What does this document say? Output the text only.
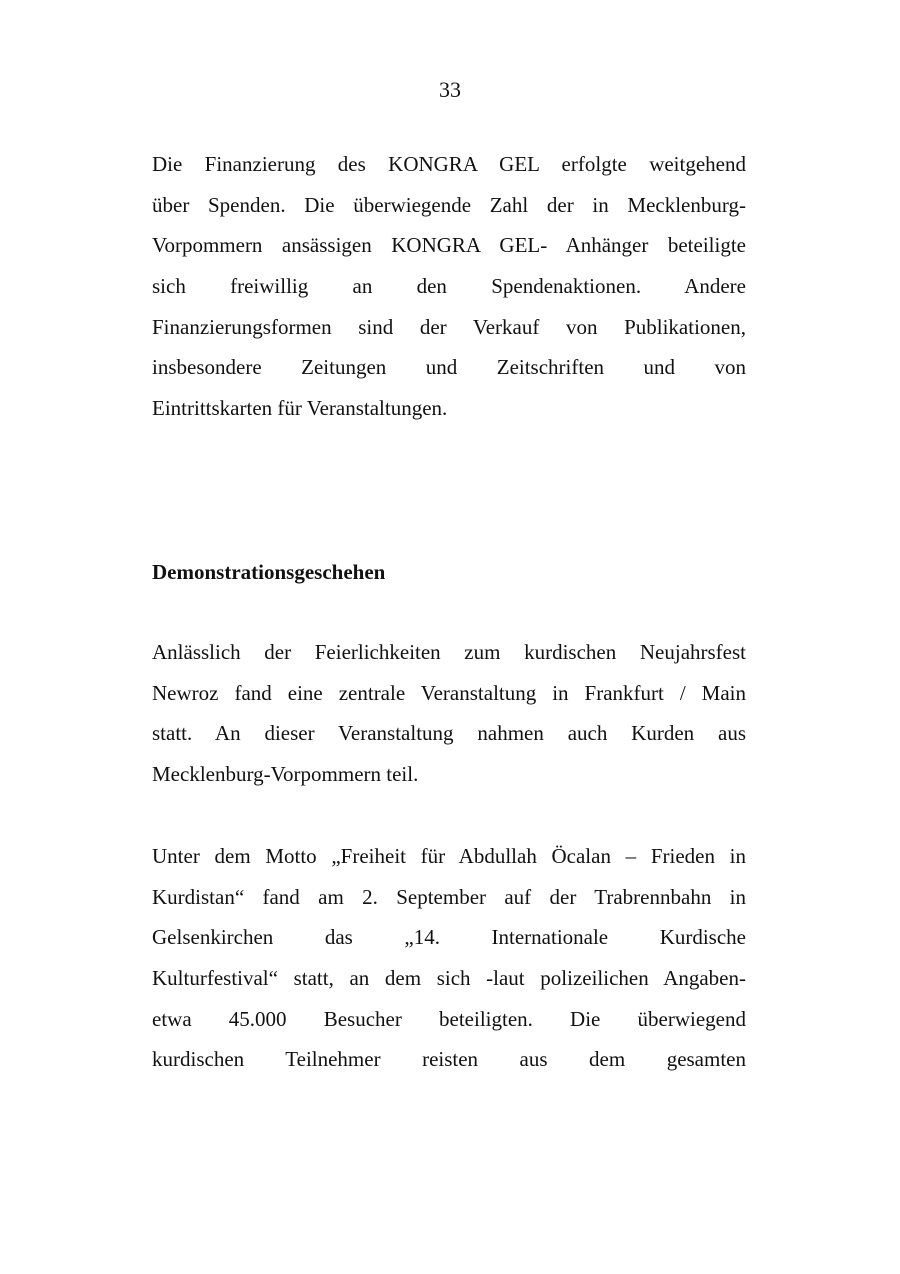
33
Die Finanzierung des KONGRA GEL erfolgte weitgehend
über Spenden. Die überwiegende Zahl der in Mecklenburg-
Vorpommern ansässigen KONGRA GEL- Anhänger beteiligte
sich freiwillig an den Spendenaktionen. Andere
Finanzierungsformen sind der Verkauf von Publikationen,
insbesondere Zeitungen und Zeitschriften und von
Eintrittskarten für Veranstaltungen.
Demonstrationsgeschehen
Anlässlich der Feierlichkeiten zum kurdischen Neujahrsfest
Newroz fand eine zentrale Veranstaltung in Frankfurt / Main
statt. An dieser Veranstaltung nahmen auch Kurden aus
Mecklenburg-Vorpommern teil.
Unter dem Motto „Freiheit für Abdullah Öcalan – Frieden in
Kurdistan“ fand am 2. September auf der Trabrennbahn in
Gelsenkirchen das „14. Internationale Kurdische
Kulturfestival“ statt, an dem sich -laut polizeilichen Angaben-
etwa 45.000 Besucher beteiligten. Die überwiegend
kurdischen Teilnehmer reisten aus dem gesamten
